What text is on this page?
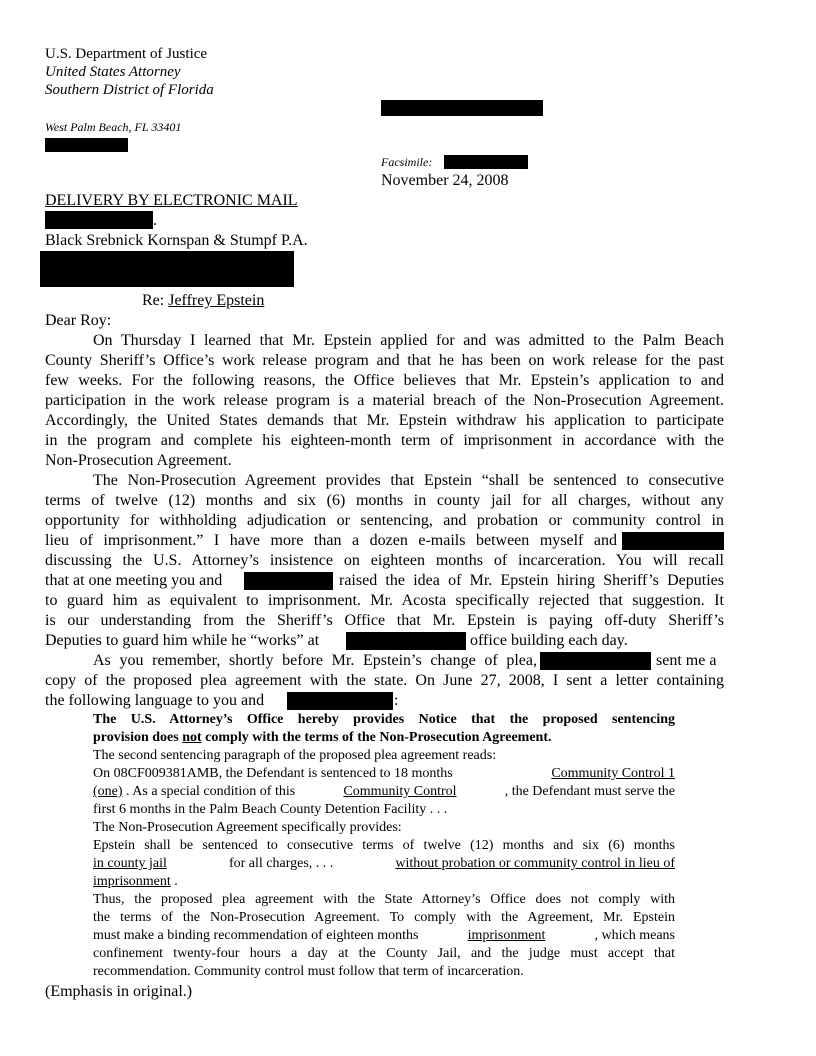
U.S. Department of Justice
United States Attorney
Southern District of Florida
West Palm Beach, FL 33401
Facsimile:
November 24, 2008
DELIVERY BY ELECTRONIC MAIL
.
Black Srebnick Kornspan & Stumpf P.A.
Re: Jeffrey Epstein
Dear Roy:
On Thursday I learned that Mr. Epstein applied for and was admitted to the Palm Beach
County Sheriff’s Office’s work release program and that he has been on work release for the past
few weeks. For the following reasons, the Office believes that Mr. Epstein’s application to and
participation in the work release program is a material breach of the Non-Prosecution Agreement.
Accordingly, the United States demands that Mr. Epstein withdraw his application to participate
in the program and complete his eighteen-month term of imprisonment in accordance with the
Non-Prosecution Agreement.
The Non-Prosecution Agreement provides that Epstein “shall be sentenced to consecutive
terms of twelve (12) months and six (6) months in county jail for all charges, without any
opportunity for withholding adjudication or sentencing, and probation or community control in
lieu of imprisonment.” I have more than a dozen e-mails between myself and
discussing the U.S. Attorney’s insistence on eighteen months of incarceration. You will recall
that at one meeting you and	raised the idea of Mr. Epstein hiring Sheriff’s Deputies
to guard him as equivalent to imprisonment. Mr. Acosta specifically rejected that suggestion. It
is our understanding from the Sheriff’s Office that Mr. Epstein is paying off-duty Sheriff’s
Deputies to guard him while he “works” at	office building each day.
As you remember, shortly before Mr. Epstein’s change of plea,	sent me a
copy of the proposed plea agreement with the state. On June 27, 2008, I sent a letter containing
the following language to you and	:
The U.S. Attorney’s Office hereby provides Notice that the proposed sentencing
provision does not comply with the terms of the Non-Prosecution Agreement.
The second sentencing paragraph of the proposed plea agreement reads:
On 08CF009381AMB, the Defendant is sentenced to 18 months	Community Control 1
(one) . As a special condition of this	Community Control	, the Defendant must serve the
first 6 months in the Palm Beach County Detention Facility . . .
The Non-Prosecution Agreement specifically provides:
Epstein shall be sentenced to consecutive terms of twelve (12) months and six (6) months
in county jail	for all charges, . . .	without probation or community control in lieu of
imprisonment .
Thus, the proposed plea agreement with the State Attorney’s Office does not comply with
the terms of the Non-Prosecution Agreement. To comply with the Agreement, Mr. Epstein
must make a binding recommendation of eighteen months	imprisonment	, which means
confinement twenty-four hours a day at the County Jail, and the judge must accept that
recommendation. Community control must follow that term of incarceration.
(Emphasis in original.)
